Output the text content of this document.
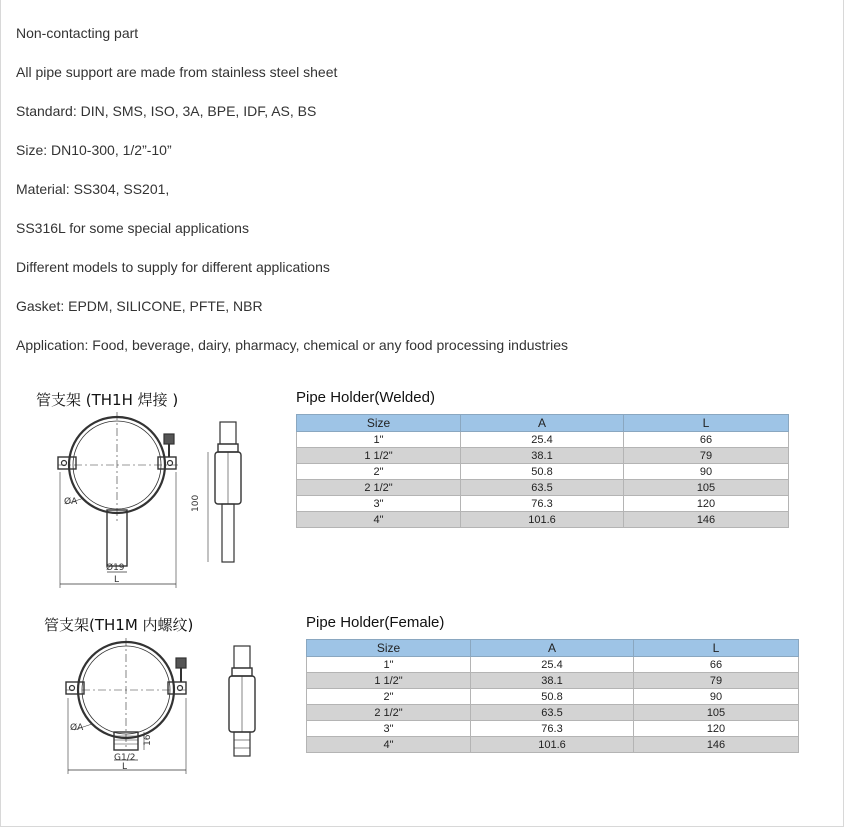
Non-contacting part
All pipe support are made from stainless steel sheet
Standard: DIN, SMS, ISO, 3A, BPE, IDF, AS, BS
Size: DN10-300, 1/2”-10”
Material: SS304, SS201,
SS316L for some special applications
Different models to supply for different applications
Gasket: EPDM, SILICONE, PFTE, NBR
Application: Food, beverage, dairy, pharmacy, chemical or any food processing industries
管支架 (TH1H 焊接 )
ØA
Ø19
L
100
Pipe Holder(Welded)
Size	A	L
1"	25.4	66
1 1/2"	38.1	79
2"	50.8	90
2 1/2"	63.5	105
3"	76.3	120
4"	101.6	146
管支架(TH1M 内螺纹)
16
ØA
G1/2
L
Pipe Holder(Female)
Size	A	L
1"	25.4	66
1 1/2"	38.1	79
2"	50.8	90
2 1/2"	63.5	105
3"	76.3	120
4"	101.6	146
